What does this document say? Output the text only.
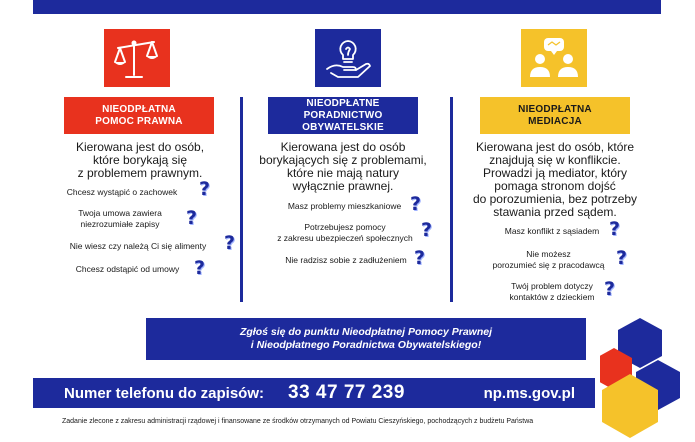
NIEODPŁATNA
POMOC PRAWNA
Kierowana jest do osób,
które borykają się
z problemem prawnym.
Chcesz wystąpić o zachowek	?
Twoja umowa zawiera
niezrozumiałe zapisy	?
Nie wiesz czy należą Ci się alimenty ?
Chcesz odstąpić od umowy ?
NIEODPŁATNE
PORADNICTWO OBYWATELSKIE
Kierowana jest do osób
borykających się z problemami,
które nie mają natury
wyłącznie prawnej.
Masz problemy mieszkaniowe ?
Potrzebujesz pomocy
z zakresu ubezpieczeń społecznych ?
Nie radzisz sobie z zadłużeniem ?
NIEODPŁATNA
MEDIACJA
Kierowana jest do osób, które
znajdują się w konflikcie.
Prowadzi ją mediator, który
pomaga stronom dojść
do porozumienia, bez potrzeby
stawania przed sądem.
Masz konflikt z sąsiadem ?
Nie możesz
porozumieć się z pracodawcą ?
Twój problem dotyczy
kontaktów z dzieckiem ?
Zgłoś się do punktu Nieodpłatnej Pomocy Prawnej
i Nieodpłatnego Poradnictwa Obywatelskiego!
Numer telefonu do zapisów: 33 47 77 239	np.ms.gov.pl
Zadanie zlecone z zakresu administracji rządowej i finansowane ze środków otrzymanych od Powiatu Cieszyńskiego, pochodzących z budżetu Państwa
